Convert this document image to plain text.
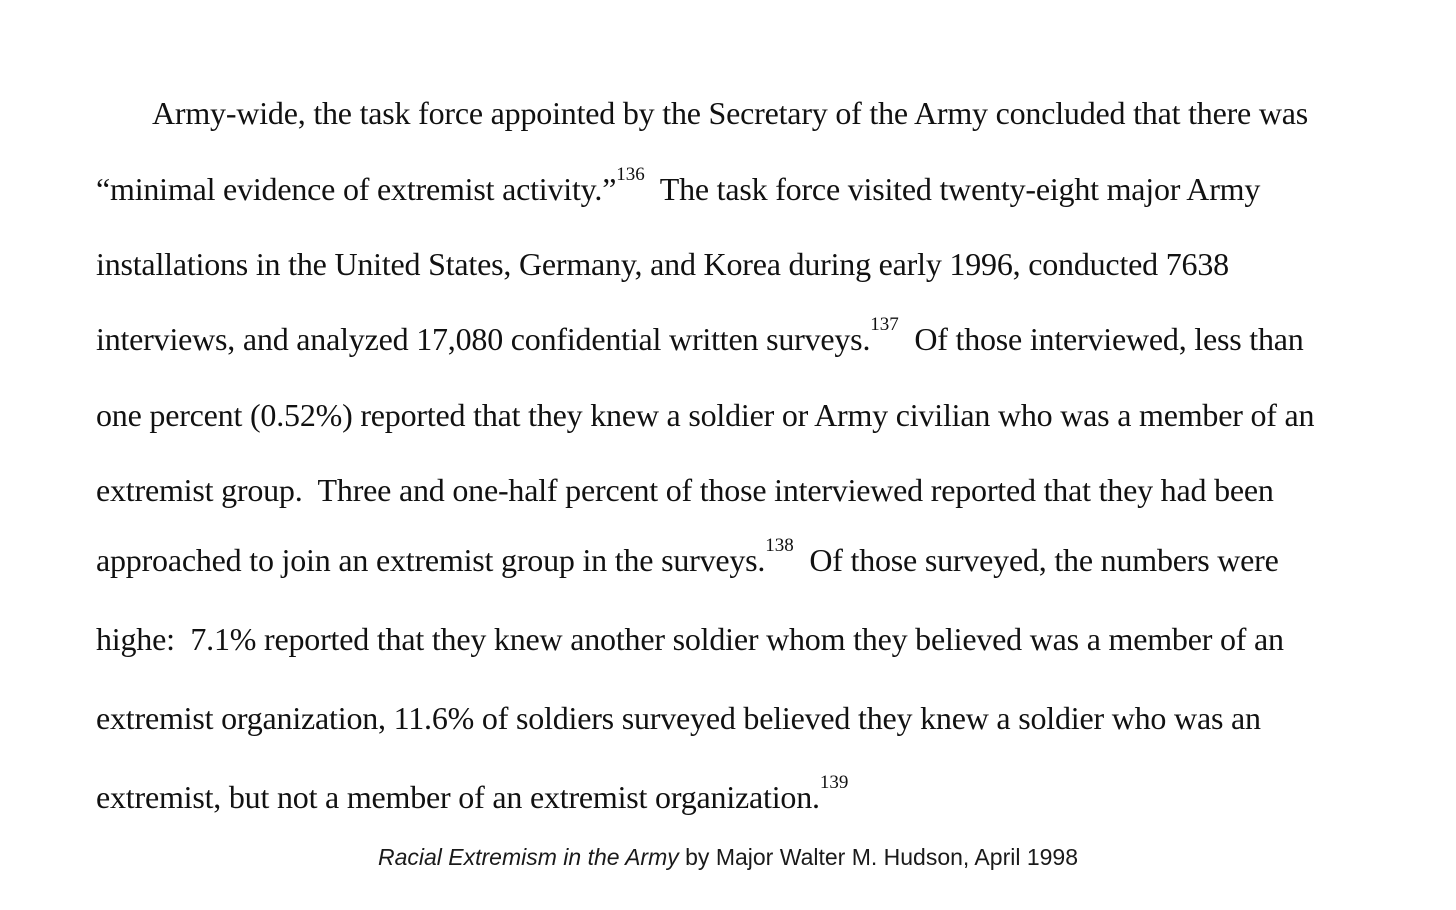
Army-wide, the task force appointed by the Secretary of the Army concluded that there was
“minimal evidence of extremist activity.”$^{136}$  The task force visited twenty-eight major Army
installations in the United States, Germany, and Korea during early 1996, conducted 7638
interviews, and analyzed 17,080 confidential written surveys.$^{137}$  Of those interviewed, less than
one percent (0.52%) reported that they knew a soldier or Army civilian who was a member of an
extremist group.  Three and one-half percent of those interviewed reported that they had been
approached to join an extremist group in the surveys.$^{138}$  Of those surveyed, the numbers were
highe:  7.1% reported that they knew another soldier whom they believed was a member of an
extremist organization, 11.6% of soldiers surveyed believed they knew a soldier who was an
extremist, but not a member of an extremist organization.$^{139}$
Racial Extremism in the Army by Major Walter M. Hudson, April 1998
